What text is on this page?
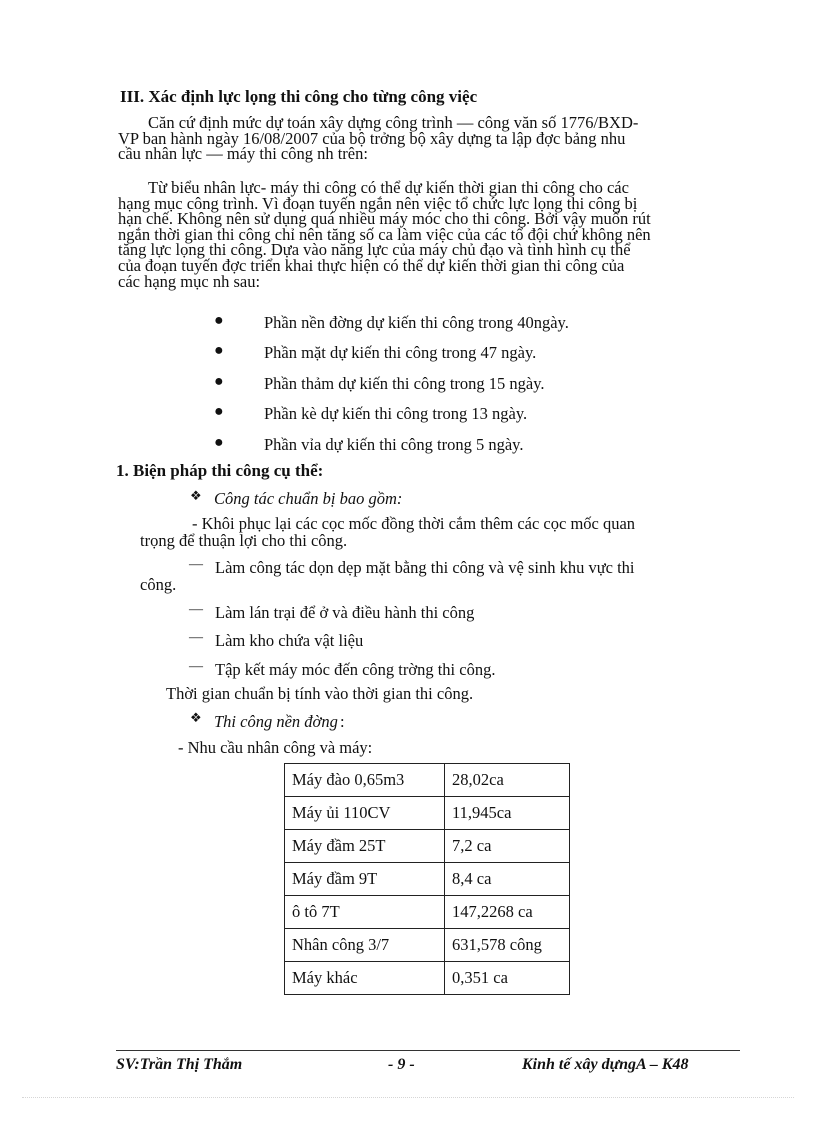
III. Xác định lực lọng thi công cho từng công việc
Căn cứ định mức dự toán xây dựng công trình — công văn số 1776/BXD-
VP ban hành ngày 16/08/2007 của bộ trởng bộ xây dựng ta lập đợc bảng nhu
cầu nhân lực — máy thi công nh trên:
Từ biểu nhân lực- máy thi công có thể dự kiến thời gian thi công cho các
hạng mục công trình. Vì đoạn tuyến ngắn nên việc tổ chức lực lọng thi công bị
hạn chế. Không nên sử dụng quá nhiều máy móc cho thi công. Bởi vậy muốn rút
ngắn thời gian thi công chỉ nên tăng số ca làm việc của các tổ đội chứ không nên
tăng lực lọng thi công. Dựa vào năng lực của máy chủ đạo và tình hình cụ thể
của đoạn tuyến đợc triển khai thực hiện có thể dự kiến thời gian thi công của
các hạng mục nh sau:
● Phần nền đờng dự kiến thi công trong 40ngày.
● Phần mặt dự kiến thi công trong 47 ngày.
● Phần thảm dự kiến thi công trong 15 ngày.
● Phần kè dự kiến thi công trong 13 ngày.
● Phần vỉa dự kiến thi công trong 5 ngày.
1. Biện pháp thi công cụ thể:
❖ Công tác chuẩn bị bao gồm:
- Khôi phục lại các cọc mốc đồng thời cắm thêm các cọc mốc quan
trọng để thuận lợi cho thi công.
— Làm công tác dọn dẹp mặt bằng thi công và vệ sinh khu vực thi
công.
— Làm lán trại để ở và điều hành thi công
— Làm kho chứa vật liệu
— Tập kết máy móc đến công trờng thi công.
Thời gian chuẩn bị tính vào thời gian thi công.
❖ Thi công nền đờng :
- Nhu cầu nhân công và máy:
Máy đào 0,65m3	28,02ca
Máy ủi 110CV	11,945ca
Máy đầm 25T	7,2 ca
Máy đầm 9T	8,4 ca
ô tô 7T	147,2268 ca
Nhân công 3/7	631,578 công
Máy khác	0,351 ca
SV:Trần Thị Thắm	- 9 -	Kinh tế xây dựngA – K48
